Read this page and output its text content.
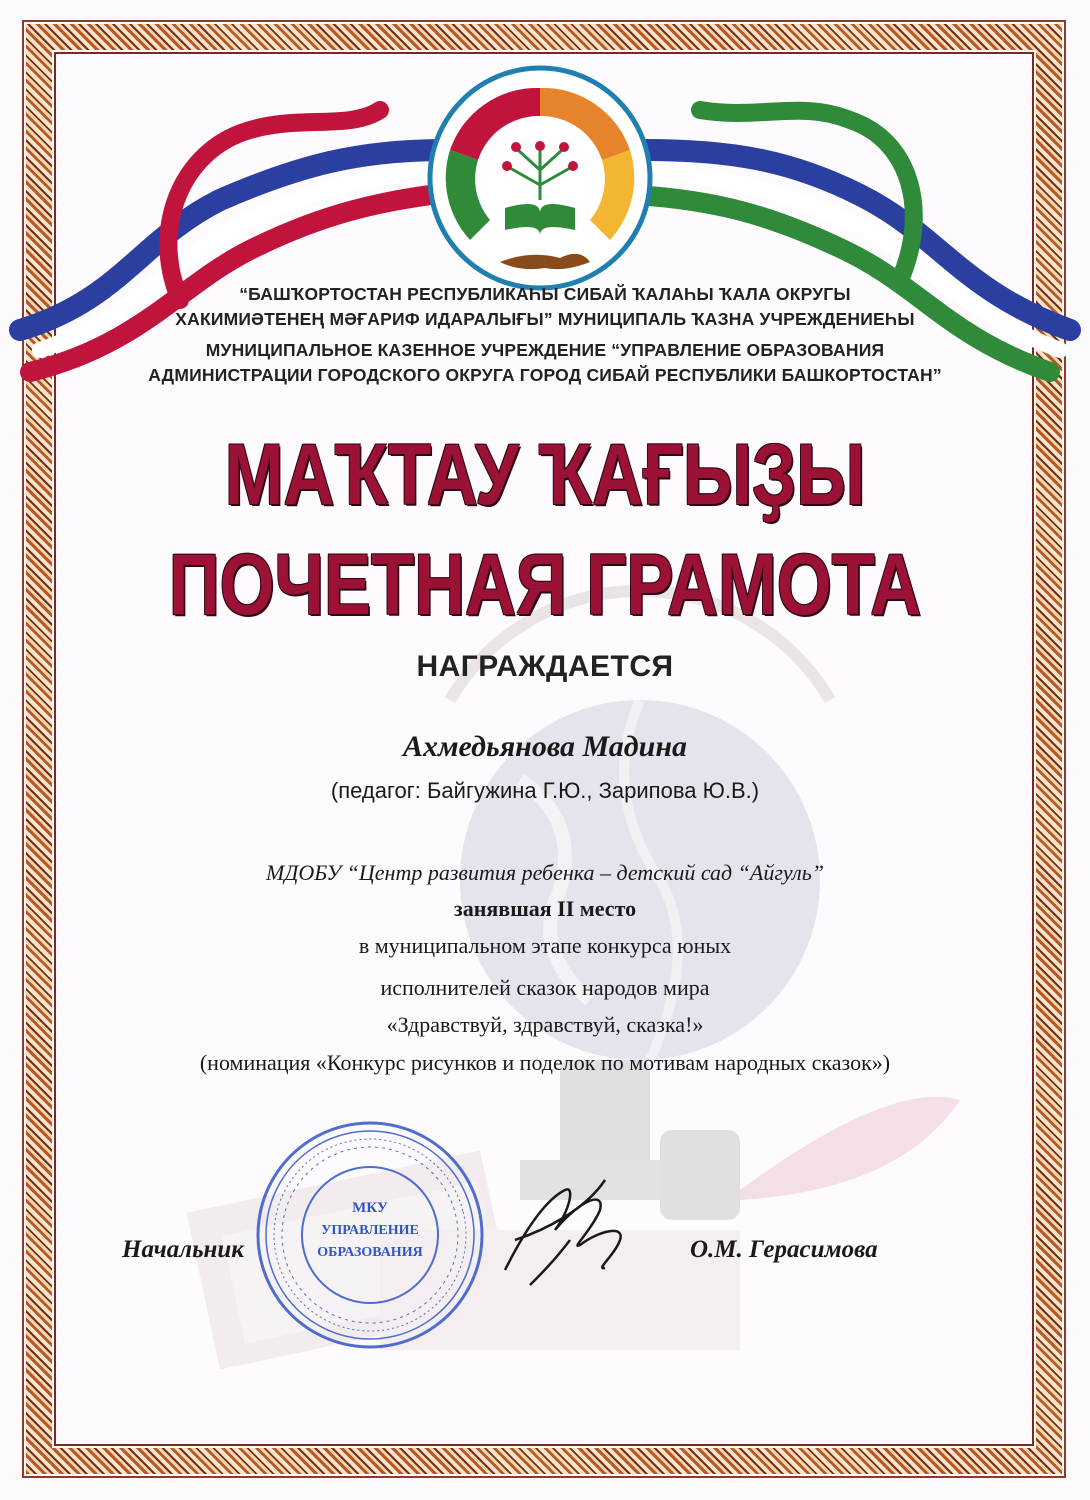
“БАШҠОРТОСТАН РЕСПУБЛИКАҺЫ СИБАЙ ҠАЛАҺЫ ҠАЛА ОКРУГЫ
ХАКИМИӘТЕНЕҢ МӘҒАРИФ ИДАРАЛЫҒЫ” МУНИЦИПАЛЬ ҠАЗНА УЧРЕЖДЕНИЕҺЫ
МУНИЦИПАЛЬНОЕ КАЗЕННОЕ УЧРЕЖДЕНИЕ “УПРАВЛЕНИЕ ОБРАЗОВАНИЯ
АДМИНИСТРАЦИИ ГОРОДСКОГО ОКРУГА ГОРОД СИБАЙ РЕСПУБЛИКИ БАШКОРТОСТАН”
МАҠТАУ ҠАҒЫҘЫ
ПОЧЕТНАЯ ГРАМОТА
НАГРАЖДАЕТСЯ
Ахмедьянова Мадина
(педагог: Байгужина Г.Ю., Зарипова Ю.В.)
МДОБУ “Центр развития ребенка – детский сад “Айгуль”
занявшая II место
в муниципальном этапе конкурса юных
исполнителей сказок народов мира
«Здравствуй, здравствуй, сказка!»
(номинация «Конкурс рисунков и поделок по мотивам народных сказок»)
МКУ
УПРАВЛЕНИЕ
ОБРАЗОВАНИЯ
Начальник	О.М. Герасимова
